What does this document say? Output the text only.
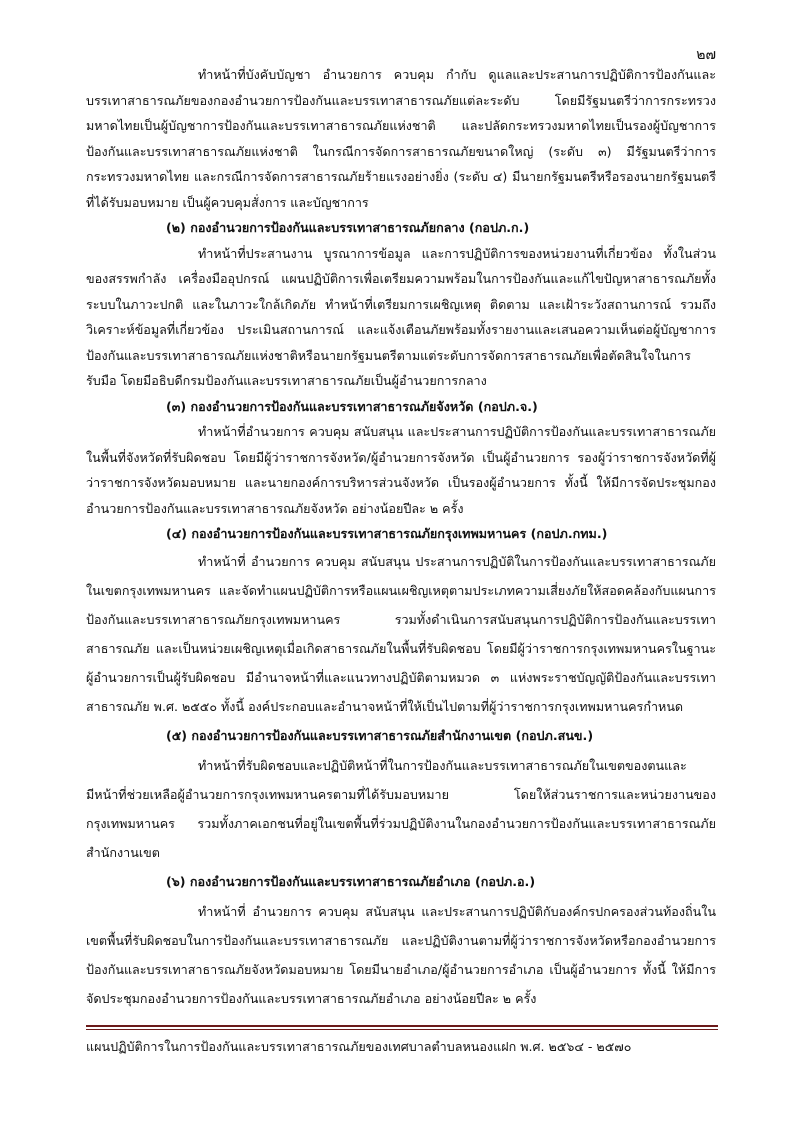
๒๗

ทำหน้าที่บังคับบัญชา อำนวยการ ควบคุม กำกับ ดูแลและประสานการปฏิบัติการป้องกันและบรรเทาสาธารณภัยของกองอำนวยการป้องกันและบรรเทาสาธารณภัยแต่ละระดับ โดยมีรัฐมนตรีว่าการกระทรวงมหาดไทยเป็นผู้บัญชาการป้องกันและบรรเทาสาธารณภัยแห่งชาติ และปลัดกระทรวงมหาดไทยเป็นรองผู้บัญชาการป้องกันและบรรเทาสาธารณภัยแห่งชาติ ในกรณีการจัดการสาธารณภัยขนาดใหญ่ (ระดับ ๓) มีรัฐมนตรีว่าการกระทรวงมหาดไทย และกรณีการจัดการสาธารณภัยร้ายแรงอย่างยิ่ง (ระดับ ๔) มีนายกรัฐมนตรีหรือรองนายกรัฐมนตรีที่ได้รับมอบหมาย เป็นผู้ควบคุมสั่งการ และบัญชาการ

(๒) กองอำนวยการป้องกันและบรรเทาสาธารณภัยกลาง (กอปภ.ก.)

ทำหน้าที่ประสานงาน บูรณาการข้อมูล และการปฏิบัติการของหน่วยงานที่เกี่ยวข้อง ทั้งในส่วนของสรรพกำลัง เครื่องมืออุปกรณ์ แผนปฏิบัติการเพื่อเตรียมความพร้อมในการป้องกันและแก้ไขปัญหาสาธารณภัยทั้งระบบในภาวะปกติ และในภาวะใกล้เกิดภัย ทำหน้าที่เตรียมการเผชิญเหตุ ติดตาม และเฝ้าระวังสถานการณ์ รวมถึงวิเคราะห์ข้อมูลที่เกี่ยวข้อง ประเมินสถานการณ์ และแจ้งเตือนภัยพร้อมทั้งรายงานและเสนอความเห็นต่อผู้บัญชาการป้องกันและบรรเทาสาธารณภัยแห่งชาติหรือนายกรัฐมนตรีตามแต่ระดับการจัดการสาธารณภัยเพื่อตัดสินใจในการรับมือ โดยมีอธิบดีกรมป้องกันและบรรเทาสาธารณภัยเป็นผู้อำนวยการกลาง

(๓) กองอำนวยการป้องกันและบรรเทาสาธารณภัยจังหวัด (กอปภ.จ.)

ทำหน้าที่อำนวยการ ควบคุม สนับสนุน และประสานการปฏิบัติการป้องกันและบรรเทาสาธารณภัยในพื้นที่จังหวัดที่รับผิดชอบ โดยมีผู้ว่าราชการจังหวัด/ผู้อำนวยการจังหวัด เป็นผู้อำนวยการ รองผู้ว่าราชการจังหวัดที่ผู้ว่าราชการจังหวัดมอบหมาย และนายกองค์การบริหารส่วนจังหวัด เป็นรองผู้อำนวยการ ทั้งนี้ ให้มีการจัดประชุมกองอำนวยการป้องกันและบรรเทาสาธารณภัยจังหวัด อย่างน้อยปีละ ๒ ครั้ง

(๔) กองอำนวยการป้องกันและบรรเทาสาธารณภัยกรุงเทพมหานคร (กอปภ.กทม.)

ทำหน้าที่ อำนวยการ ควบคุม สนับสนุน ประสานการปฏิบัติในการป้องกันและบรรเทาสาธารณภัยในเขตกรุงเทพมหานคร และจัดทำแผนปฏิบัติการหรือแผนเผชิญเหตุตามประเภทความเสี่ยงภัยให้สอดคล้องกับแผนการป้องกันและบรรเทาสาธารณภัยกรุงเทพมหานคร รวมทั้งดำเนินการสนับสนุนการปฏิบัติการป้องกันและบรรเทาสาธารณภัย และเป็นหน่วยเผชิญเหตุเมื่อเกิดสาธารณภัยในพื้นที่รับผิดชอบ โดยมีผู้ว่าราชการกรุงเทพมหานครในฐานะผู้อำนวยการเป็นผู้รับผิดชอบ มีอำนาจหน้าที่และแนวทางปฏิบัติตามหมวด ๓ แห่งพระราชบัญญัติป้องกันและบรรเทาสาธารณภัย พ.ศ. ๒๕๕๐ ทั้งนี้ องค์ประกอบและอำนาจหน้าที่ให้เป็นไปตามที่ผู้ว่าราชการกรุงเทพมหานครกำหนด

(๕) กองอำนวยการป้องกันและบรรเทาสาธารณภัยสำนักงานเขต (กอปภ.สนข.)

ทำหน้าที่รับผิดชอบและปฏิบัติหน้าที่ในการป้องกันและบรรเทาสาธารณภัยในเขตของตนและมีหน้าที่ช่วยเหลือผู้อำนวยการกรุงเทพมหานครตามที่ได้รับมอบหมาย โดยให้ส่วนราชการและหน่วยงานของกรุงเทพมหานคร รวมทั้งภาคเอกชนที่อยู่ในเขตพื้นที่ร่วมปฏิบัติงานในกองอำนวยการป้องกันและบรรเทาสาธารณภัยสำนักงานเขต

(๖) กองอำนวยการป้องกันและบรรเทาสาธารณภัยอำเภอ (กอปภ.อ.)

ทำหน้าที่ อำนวยการ ควบคุม สนับสนุน และประสานการปฏิบัติกับองค์กรปกครองส่วนท้องถิ่นในเขตพื้นที่รับผิดชอบในการป้องกันและบรรเทาสาธารณภัย และปฏิบัติงานตามที่ผู้ว่าราชการจังหวัดหรือกองอำนวยการป้องกันและบรรเทาสาธารณภัยจังหวัดมอบหมาย โดยมีนายอำเภอ/ผู้อำนวยการอำเภอ เป็นผู้อำนวยการ ทั้งนี้ ให้มีการจัดประชุมกองอำนวยการป้องกันและบรรเทาสาธารณภัยอำเภอ อย่างน้อยปีละ ๒ ครั้ง

แผนปฏิบัติการในการป้องกันและบรรเทาสาธารณภัยของเทศบาลตำบลหนองแฝก พ.ศ. ๒๕๖๔ - ๒๕๗๐
